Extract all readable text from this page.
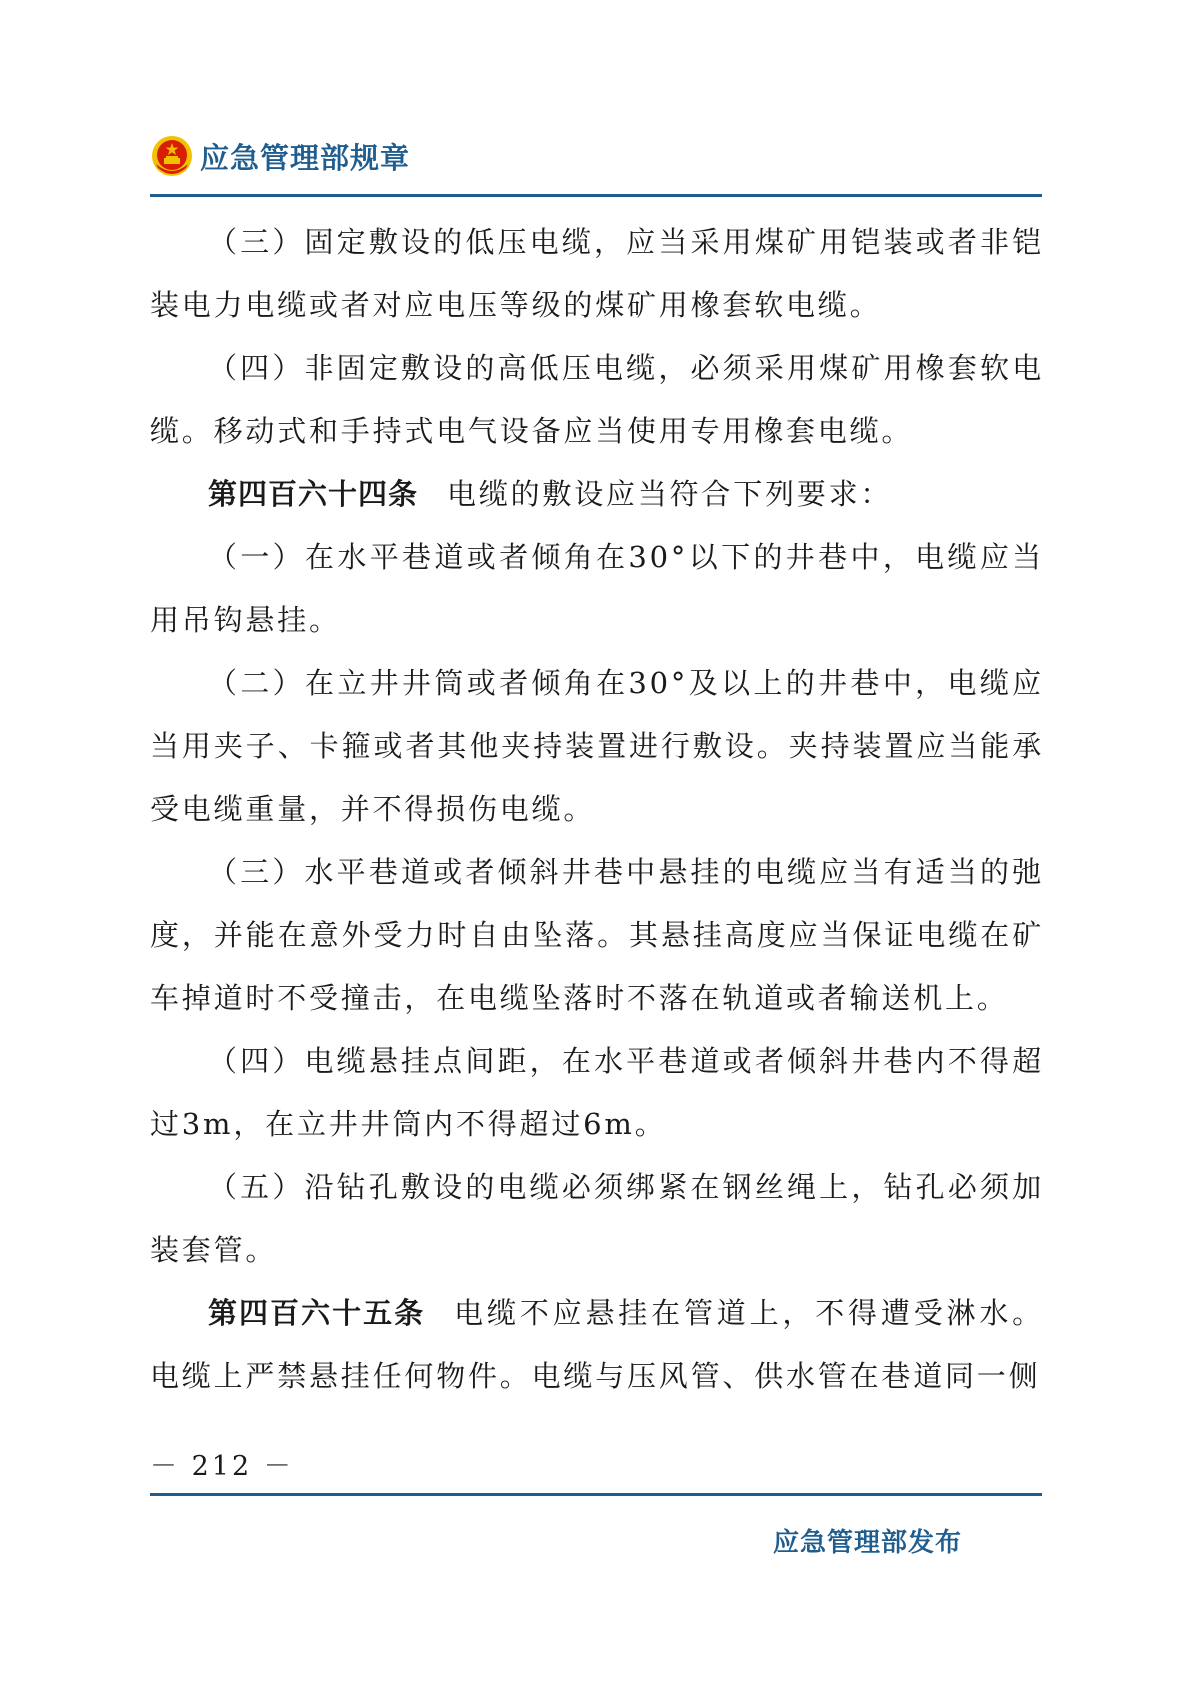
应急管理部规章

（三）固定敷设的低压电缆，应当采用煤矿用铠装或者非铠装电力电缆或者对应电压等级的煤矿用橡套软电缆。

（四）非固定敷设的高低压电缆，必须采用煤矿用橡套软电缆。移动式和手持式电气设备应当使用专用橡套电缆。

第四百六十四条 电缆的敷设应当符合下列要求：

（一）在水平巷道或者倾角在30°以下的井巷中，电缆应当用吊钩悬挂。

（二）在立井井筒或者倾角在30°及以上的井巷中，电缆应当用夹子、卡箍或者其他夹持装置进行敷设。夹持装置应当能承受电缆重量，并不得损伤电缆。

（三）水平巷道或者倾斜井巷中悬挂的电缆应当有适当的弛度，并能在意外受力时自由坠落。其悬挂高度应当保证电缆在矿车掉道时不受撞击，在电缆坠落时不落在轨道或者输送机上。

（四）电缆悬挂点间距，在水平巷道或者倾斜井巷内不得超过3m，在立井井筒内不得超过6m。

（五）沿钻孔敷设的电缆必须绑紧在钢丝绳上，钻孔必须加装套管。

第四百六十五条 电缆不应悬挂在管道上，不得遭受淋水。电缆上严禁悬挂任何物件。电缆与压风管、供水管在巷道同一侧

－ 212 －
应急管理部发布
